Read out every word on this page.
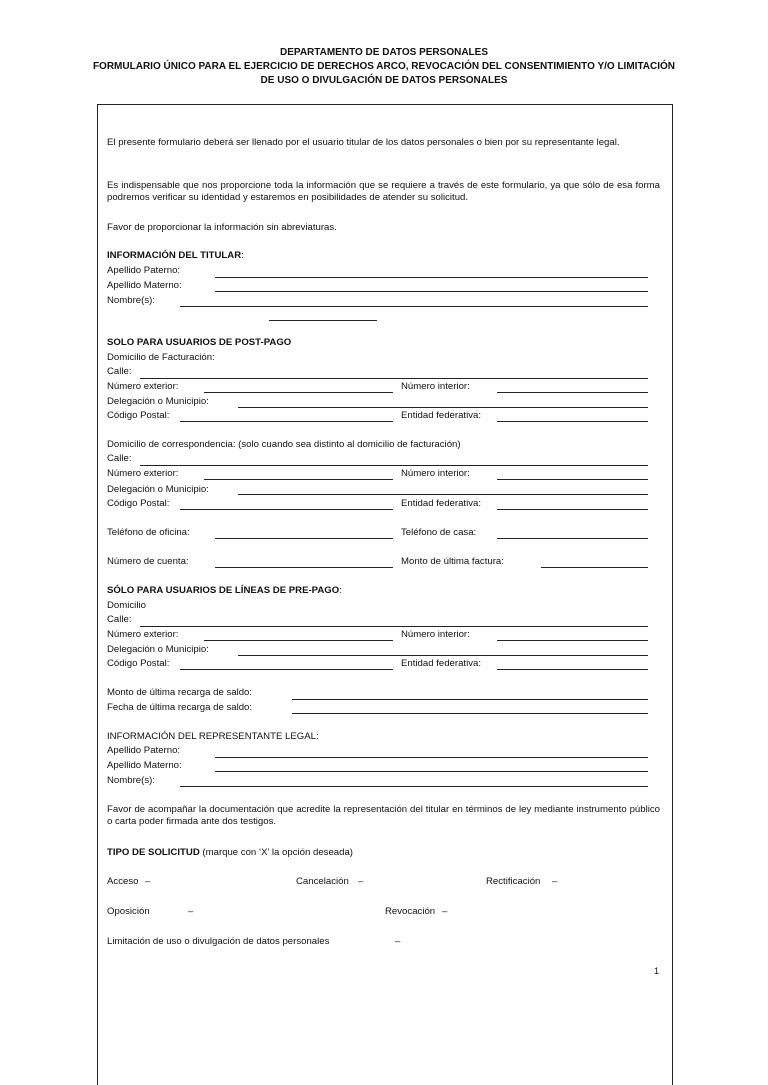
DEPARTAMENTO DE DATOS PERSONALES
FORMULARIO ÚNICO PARA EL EJERCICIO DE DERECHOS ARCO, REVOCACIÓN DEL CONSENTIMIENTO Y/O LIMITACIÓN
DE USO O DIVULGACIÓN DE DATOS PERSONALES
El presente formulario deberá ser llenado por el usuario titular de los datos personales o bien por su representante legal.
Es indispensable que nos proporcione toda la información que se requiere a través de este formulario, ya que sólo de esa forma podremos verificar su identidad y estaremos en posibilidades de atender su solicitud.
Favor de proporcionar la información sin abreviaturas.
INFORMACIÓN DEL TITULAR:
Apellido Paterno:
Apellido Materno:
Nombre(s):
SOLO PARA USUARIOS DE POST-PAGO
Domicilio de Facturación:
Calle:
Número exterior:	Número interior:
Delegación o Municipio:
Código Postal:	Entidad federativa:
Domicilio de correspondencia: (solo cuando sea distinto al domicilio de facturación)
Calle:
Número exterior:	Número interior:
Delegación o Municipio:
Código Postal:	Entidad federativa:
Teléfono de oficina:	Teléfono de casa:
Número de cuenta:	Monto de última factura:
SÓLO PARA USUARIOS DE LÍNEAS DE PRE-PAGO:
Domicilio
Calle:
Número exterior:	Número interior:
Delegación o Municipio:
Código Postal:	Entidad federativa:
Monto de última recarga de saldo:
Fecha de última recarga de saldo:
INFORMACIÓN DEL REPRESENTANTE LEGAL:
Apellido Paterno:
Apellido Materno:
Nombre(s):
Favor de acompañar la documentación que acredite la representación del titular en términos de ley mediante instrumento público o carta poder firmada ante dos testigos.
TIPO DE SOLICITUD (marque con ‘X’ la opción deseada)
Acceso –	Cancelación –	Rectificación –
Oposición	–	Revocación –
Limitación de uso o divulgación de datos personales	–
1
